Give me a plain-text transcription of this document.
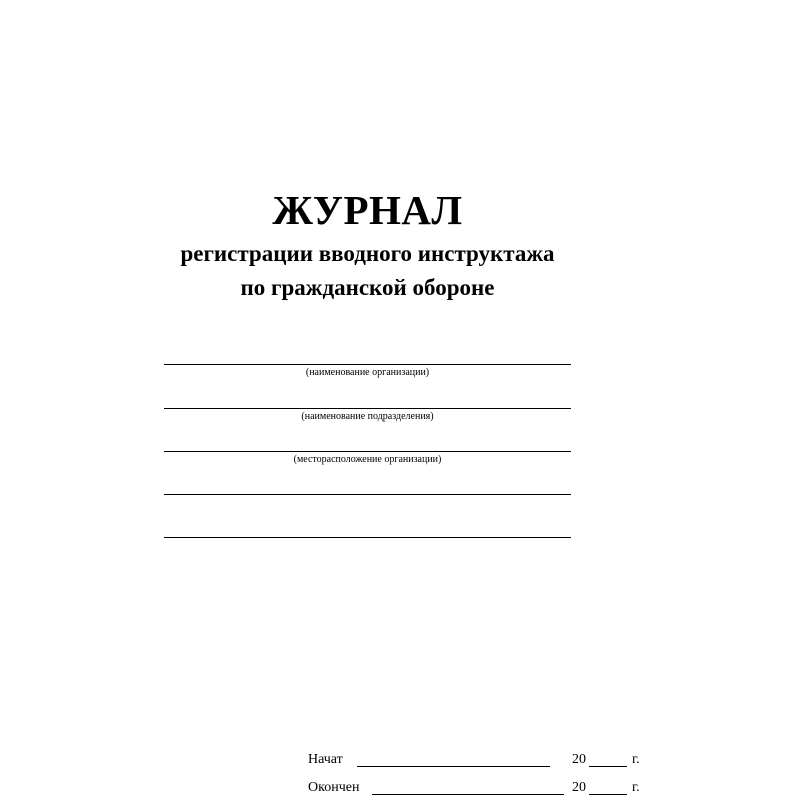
ЖУРНАЛ
регистрации вводного инструктажа
по гражданской обороне
(наименование организации)
(наименование подразделения)
(месторасположение организации)
Начат	20	г.
Окончен	20	г.
